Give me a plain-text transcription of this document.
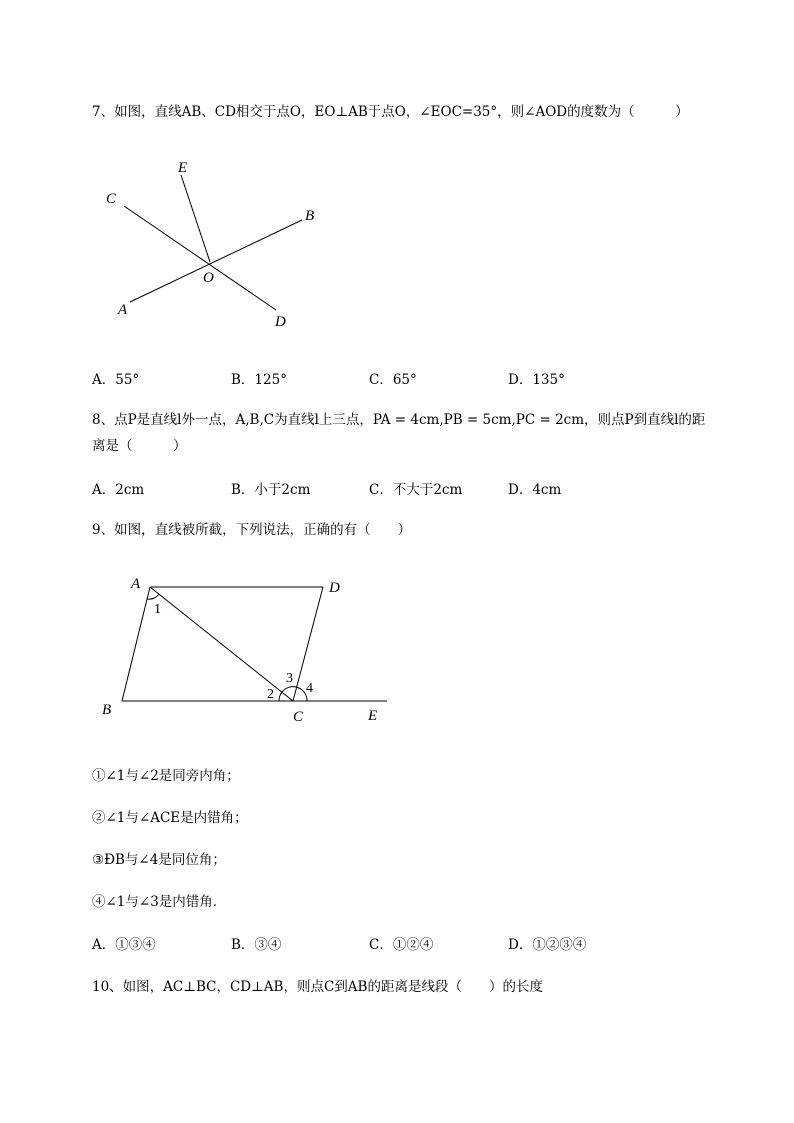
7、如图，直线AB、CD相交于点O，EO⊥AB于点O，∠EOC=35°，则∠AOD的度数为（　　　）
E
C
B
O
A
D
A．55°	B．125°	C．65°	D．135°
8、点P是直线l外一点，A,B,C为直线l上三点，PA = 4cm,PB = 5cm,PC = 2cm，则点P到直线l的距
离是（　　　）
A．2cm	B．小于2cm	C．不大于2cm	D．4cm
9、如图，直线被所截，下列说法，正确的有（　　）
A	D
B	C	E
1
2
3
4
①∠1与∠2是同旁内角；
②∠1与∠ACE是内错角；
③ÐB与∠4是同位角；
④∠1与∠3是内错角．
A．①③④	B．③④	C．①②④	D．①②③④
10、如图，AC⊥BC，CD⊥AB，则点C到AB的距离是线段（　　）的长度
